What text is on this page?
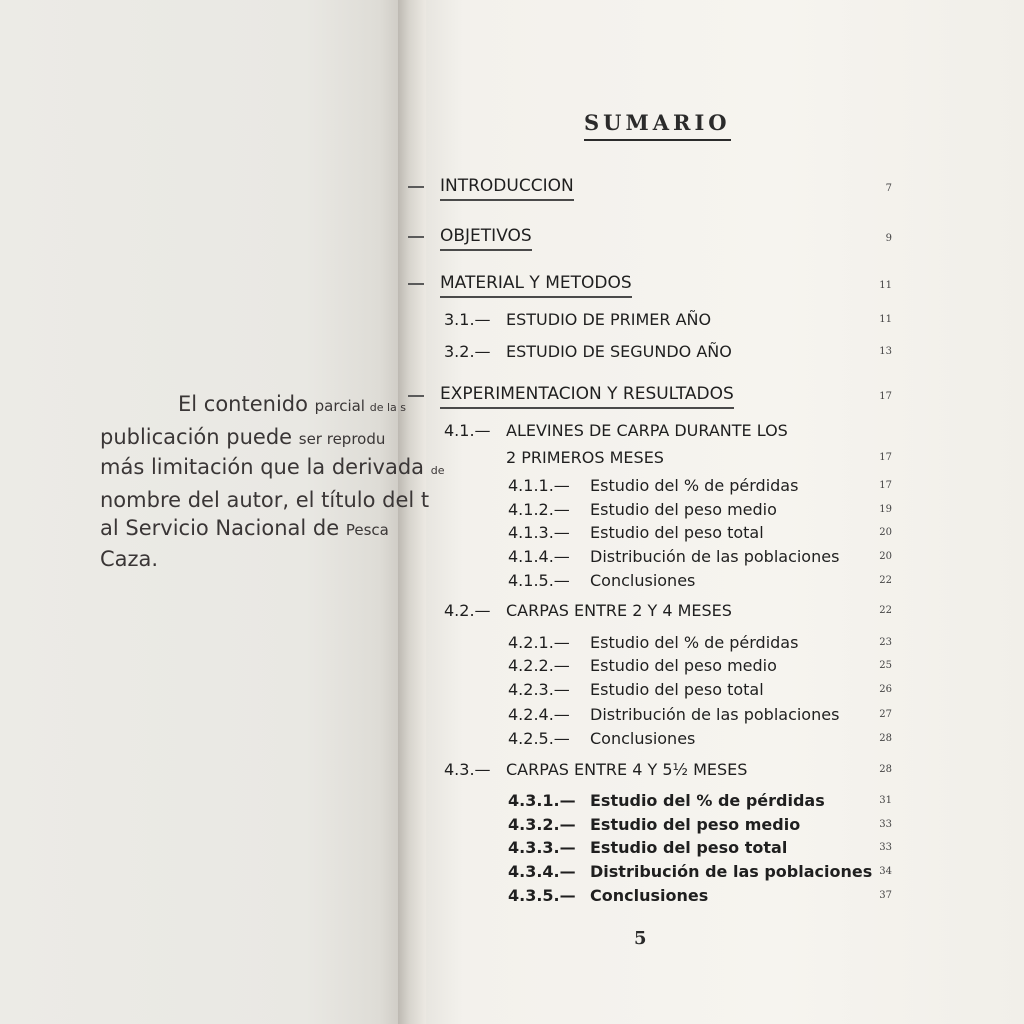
El contenido parcial de la s
publicación puede ser reprodu
más limitación que la derivada de
nombre del autor, el título del t
al Servicio Nacional de Pesca
Caza.
SUMARIO
INTRODUCCION	7
OBJETIVOS	9
MATERIAL Y METODOS	11
3.1.— ESTUDIO DE PRIMER AÑO	11
3.2.— ESTUDIO DE SEGUNDO AÑO	13
EXPERIMENTACION Y RESULTADOS	17
4.1.— ALEVINES DE CARPA DURANTE LOS
2 PRIMEROS MESES	17
4.1.1.— Estudio del % de pérdidas	17
4.1.2.— Estudio del peso medio	19
4.1.3.— Estudio del peso total	20
4.1.4.— Distribución de las poblaciones	20
4.1.5.— Conclusiones	22
4.2.— CARPAS ENTRE 2 Y 4 MESES	22
4.2.1.— Estudio del % de pérdidas	23
4.2.2.— Estudio del peso medio	25
4.2.3.— Estudio del peso total	26
4.2.4.— Distribución de las poblaciones	27
4.2.5.— Conclusiones	28
4.3.— CARPAS ENTRE 4 Y 5½ MESES	28
4.3.1.— Estudio del % de pérdidas	31
4.3.2.— Estudio del peso medio	33
4.3.3.— Estudio del peso total	33
4.3.4.— Distribución de las poblaciones 34
4.3.5.— Conclusiones	37
5
